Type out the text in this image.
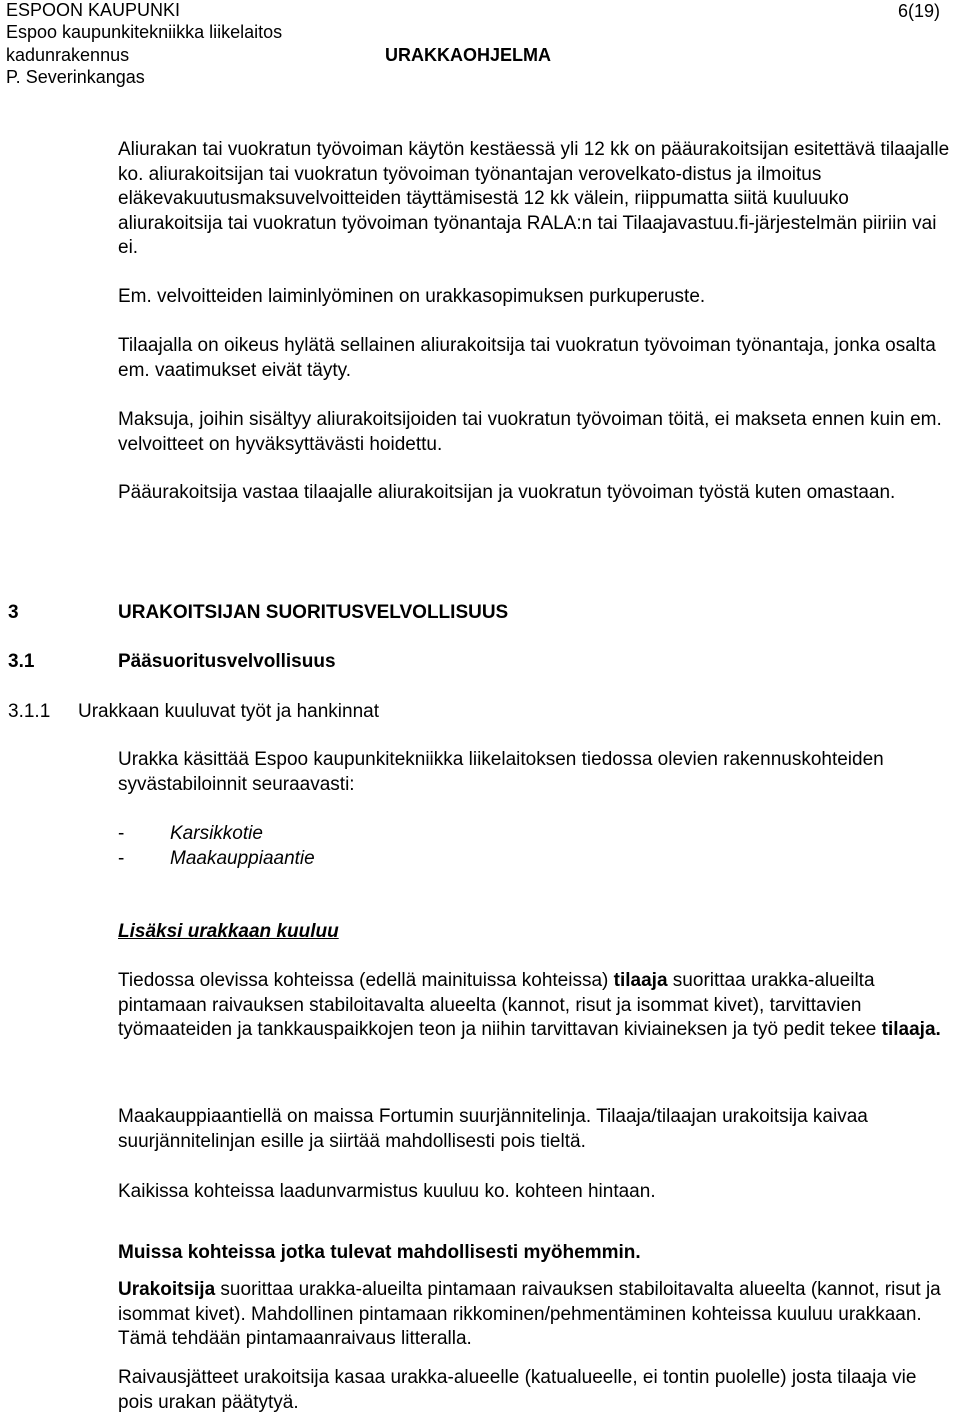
ESPOON KAUPUNKI
Espoo kaupunkitekniikka liikelaitos
kadunrakennus
P. Severinkangas
6(19)
URAKKAOHJELMA

Aliurakan tai vuokratun työvoiman käytön kestäessä yli 12 kk on pääurakoitsijan esitettävä tilaajalle ko. aliurakoitsijan tai vuokratun työvoiman työnantajan verovelkato-distus ja ilmoitus eläkevakuutusmaksuvelvoitteiden täyttämisestä 12 kk välein, riippumatta siitä kuuluuko aliurakoitsija tai vuokratun työvoiman työnantaja RALA:n tai Tilaajavastuu.fi-järjestelmän piiriin vai ei.

Em. velvoitteiden laiminlyöminen on urakkasopimuksen purkuperuste.

Tilaajalla on oikeus hylätä sellainen aliurakoitsija tai vuokratun työvoiman työnantaja, jonka osalta em. vaatimukset eivät täyty.

Maksuja, joihin sisältyy aliurakoitsijoiden tai vuokratun työvoiman töitä, ei makseta ennen kuin em. velvoitteet on hyväksyttävästi hoidettu.

Pääurakoitsija vastaa tilaajalle aliurakoitsijan ja vuokratun työvoiman työstä kuten omastaan.

3	URAKOITSIJAN SUORITUSVELVOLLISUUS
3.1	Pääsuoritusvelvollisuus
3.1.1 Urakkaan kuuluvat työt ja hankinnat

Urakka käsittää Espoo kaupunkitekniikka liikelaitoksen tiedossa olevien rakennuskohteiden syvästabiloinnit seuraavasti:

- Karsikkotie
- Maakauppiaantie
Lisäksi urakkaan kuuluu

Tiedossa olevissa kohteissa (edellä mainituissa kohteissa) tilaaja suorittaa urakka-alueilta pintamaan raivauksen stabiloitavalta alueelta (kannot, risut ja isommat kivet), tarvittavien työmaateiden ja tankkauspaikkojen teon ja niihin tarvittavan kiviaineksen ja työ pedit tekee tilaaja.

Maakauppiaantiellä on maissa Fortumin suurjännitelinja. Tilaaja/tilaajan urakoitsija kaivaa suurjännitelinjan esille ja siirtää mahdollisesti pois tieltä.

Kaikissa kohteissa laadunvarmistus kuuluu ko. kohteen hintaan.

Muissa kohteissa jotka tulevat mahdollisesti myöhemmin.

Urakoitsija suorittaa urakka-alueilta pintamaan raivauksen stabiloitavalta alueelta (kannot, risut ja isommat kivet). Mahdollinen pintamaan rikkominen/pehmentäminen kohteissa kuuluu urakkaan. Tämä tehdään pintamaanraivaus litteralla.

Raivausjätteet urakoitsija kasaa urakka-alueelle (katualueelle, ei tontin puolelle) josta tilaaja vie pois urakan päätytyä.
